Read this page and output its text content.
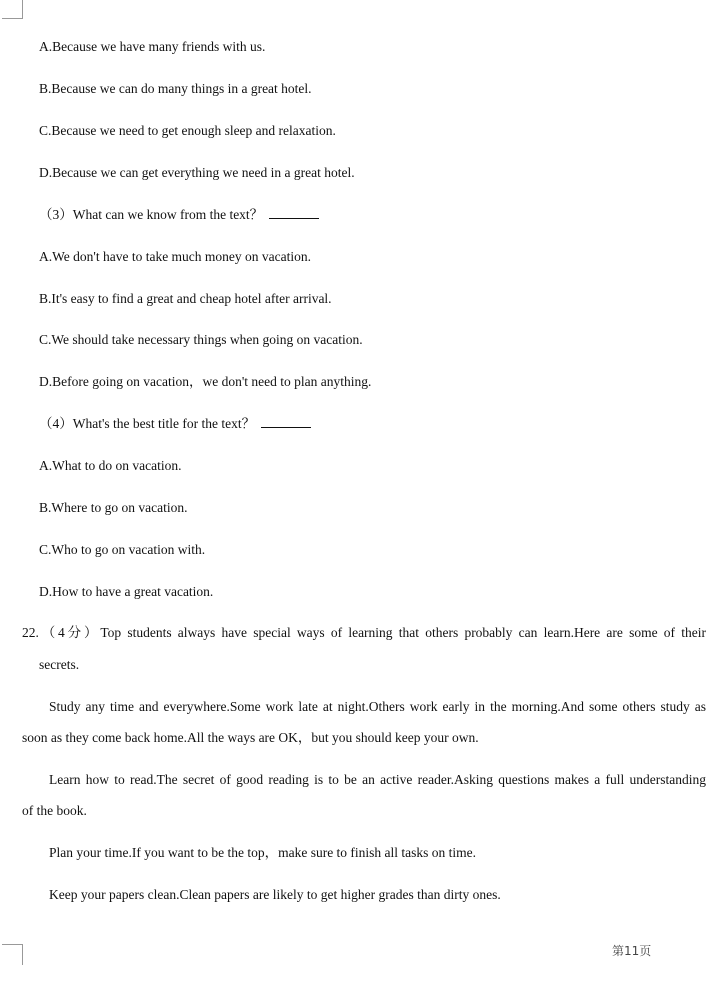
A.Because we have many friends with us.
B.Because we can do many things in a great hotel.
C.Because we need to get enough sleep and relaxation.
D.Because we can get everything we need in a great hotel.
（3）What can we know from the text？
A.We don't have to take much money on vacation.
B.It's easy to find a great and cheap hotel after arrival.
C.We should take necessary things when going on vacation.
D.Before going on vacation，we don't need to plan anything.
（4）What's the best title for the text？
A.What to do on vacation.
B.Where to go on vacation.
C.Who to go on vacation with.
D.How to have a great vacation.
22.（4分）Top students always have special ways of learning that others probably can learn.Here are some of their
secrets.
Study any time and everywhere.Some work late at night.Others work early in the morning.And some others study as
soon as they come back home.All the ways are OK，but you should keep your own.
Learn how to read.The secret of good reading is to be an active reader.Asking questions makes a full understanding
of the book.
Plan your time.If you want to be the top，make sure to finish all tasks on time.
Keep your papers clean.Clean papers are likely to get higher grades than dirty ones.
第11页
